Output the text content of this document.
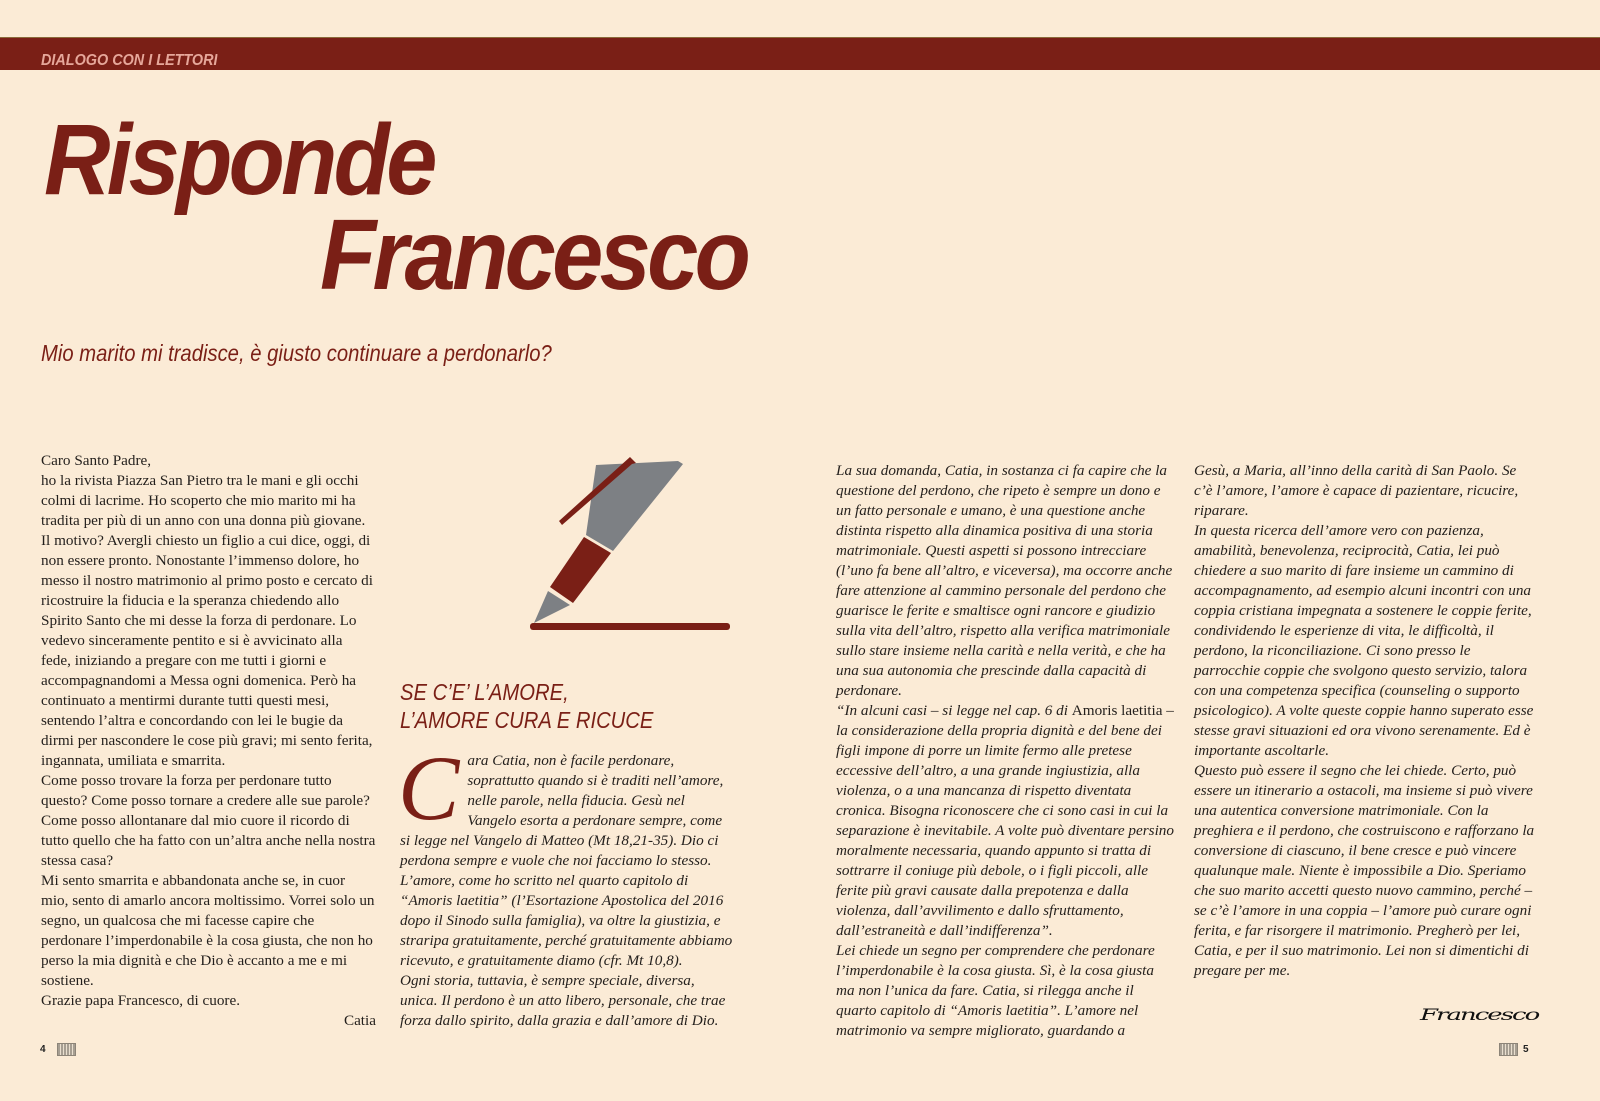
DIALOGO CON I LETTORI
Risponde
Francesco
Mio marito mi tradisce, è giusto continuare a perdonarlo?

Caro Santo Padre,

ho la rivista Piazza San Pietro tra le mani e gli occhi colmi di lacrime. Ho scoperto che mio marito mi ha tradita per più di un anno con una donna più giovane. Il motivo? Avergli chiesto un figlio a cui dice, oggi, di non essere pronto. Nonostante l’immenso dolore, ho messo il nostro matrimonio al primo posto e cercato di ricostruire la fiducia e la speranza chiedendo allo Spirito Santo che mi desse la forza di perdonare. Lo vedevo sinceramente pentito e si è avvicinato alla fede, iniziando a pregare con me tutti i giorni e accompagnandomi a Messa ogni domenica. Però ha continuato a mentirmi durante tutti questi mesi, sentendo l’altra e concordando con lei le bugie da dirmi per nascondere le cose più gravi; mi sento ferita, ingannata, umiliata e smarrita.

Come posso trovare la forza per perdonare tutto questo? Come posso tornare a credere alle sue parole? Come posso allontanare dal mio cuore il ricordo di tutto quello che ha fatto con un’altra anche nella nostra stessa casa?

Mi sento smarrita e abbandonata anche se, in cuor mio, sento di amarlo ancora moltissimo. Vorrei solo un segno, un qualcosa che mi facesse capire che perdonare l’imperdonabile è la cosa giusta, che non ho perso la mia dignità e che Dio è accanto a me e mi sostiene.

Grazie papa Francesco, di cuore.

Catia

SE C’E’ L’AMORE,
L’AMORE CURA E RICUCE
C ara Catia, non è facile perdonare, soprattutto quando si è traditi nell’amore, nelle parole, nella fiducia. Gesù nel Vangelo esorta a perdonare sempre, come si legge nel Vangelo di Matteo (Mt 18,21-35). Dio ci perdona sempre e vuole che noi facciamo lo stesso. L’amore, come ho scritto nel quarto capitolo di “Amoris laetitia” (l’Esortazione Apostolica del 2016 dopo il Sinodo sulla famiglia), va oltre la giustizia, e straripa gratuitamente, perché gratuitamente abbiamo ricevuto, e gratuitamente diamo (cfr. Mt 10,8).

Ogni storia, tuttavia, è sempre speciale, diversa, unica. Il perdono è un atto libero, personale, che trae forza dallo spirito, dalla grazia e dall’amore di Dio.

La sua domanda, Catia, in sostanza ci fa capire che la questione del perdono, che ripeto è sempre un dono e un fatto personale e umano, è una questione anche distinta rispetto alla dinamica positiva di una storia matrimoniale. Questi aspetti si possono intrecciare (l’uno fa bene all’altro, e viceversa), ma occorre anche fare attenzione al cammino personale del perdono che guarisce le ferite e smaltisce ogni rancore e giudizio sulla vita dell’altro, rispetto alla verifica matrimoniale sullo stare insieme nella carità e nella verità, e che ha una sua autonomia che prescinde dalla capacità di perdonare.

“In alcuni casi – si legge nel cap. 6 di Amoris laetitia – la considerazione della propria dignità e del bene dei figli impone di porre un limite fermo alle pretese eccessive dell’altro, a una grande ingiustizia, alla violenza, o a una mancanza di rispetto diventata cronica. Bisogna riconoscere che ci sono casi in cui la separazione è inevitabile. A volte può diventare persino moralmente necessaria, quando appunto si tratta di sottrarre il coniuge più debole, o i figli piccoli, alle ferite più gravi causate dalla prepotenza e dalla violenza, dall’avvilimento e dallo sfruttamento, dall’estraneità e dall’indifferenza”.

Lei chiede un segno per comprendere che perdonare l’imperdonabile è la cosa giusta. Sì, è la cosa giusta ma non l’unica da fare. Catia, si rilegga anche il quarto capitolo di “Amoris laetitia”. L’amore nel matrimonio va sempre migliorato, guardando a

Gesù, a Maria, all’inno della carità di San Paolo. Se c’è l’amore, l’amore è capace di pazientare, ricucire, riparare.

In questa ricerca dell’amore vero con pazienza, amabilità, benevolenza, reciprocità, Catia, lei può chiedere a suo marito di fare insieme un cammino di accompagnamento, ad esempio alcuni incontri con una coppia cristiana impegnata a sostenere le coppie ferite, condividendo le esperienze di vita, le difficoltà, il perdono, la riconciliazione. Ci sono presso le parrocchie coppie che svolgono questo servizio, talora con una competenza specifica (counseling o supporto psicologico). A volte queste coppie hanno superato esse stesse gravi situazioni ed ora vivono serenamente. Ed è importante ascoltarle.

Questo può essere il segno che lei chiede. Certo, può essere un itinerario a ostacoli, ma insieme si può vivere una autentica conversione matrimoniale. Con la preghiera e il perdono, che costruiscono e rafforzano la conversione di ciascuno, il bene cresce e può vincere qualunque male. Niente è impossibile a Dio. Speriamo che suo marito accetti questo nuovo cammino, perché – se c’è l’amore in una coppia – l’amore può curare ogni ferita, e far risorgere il matrimonio. Pregherò per lei, Catia, e per il suo matrimonio. Lei non si dimentichi di pregare per me.

Francesco
4	5
